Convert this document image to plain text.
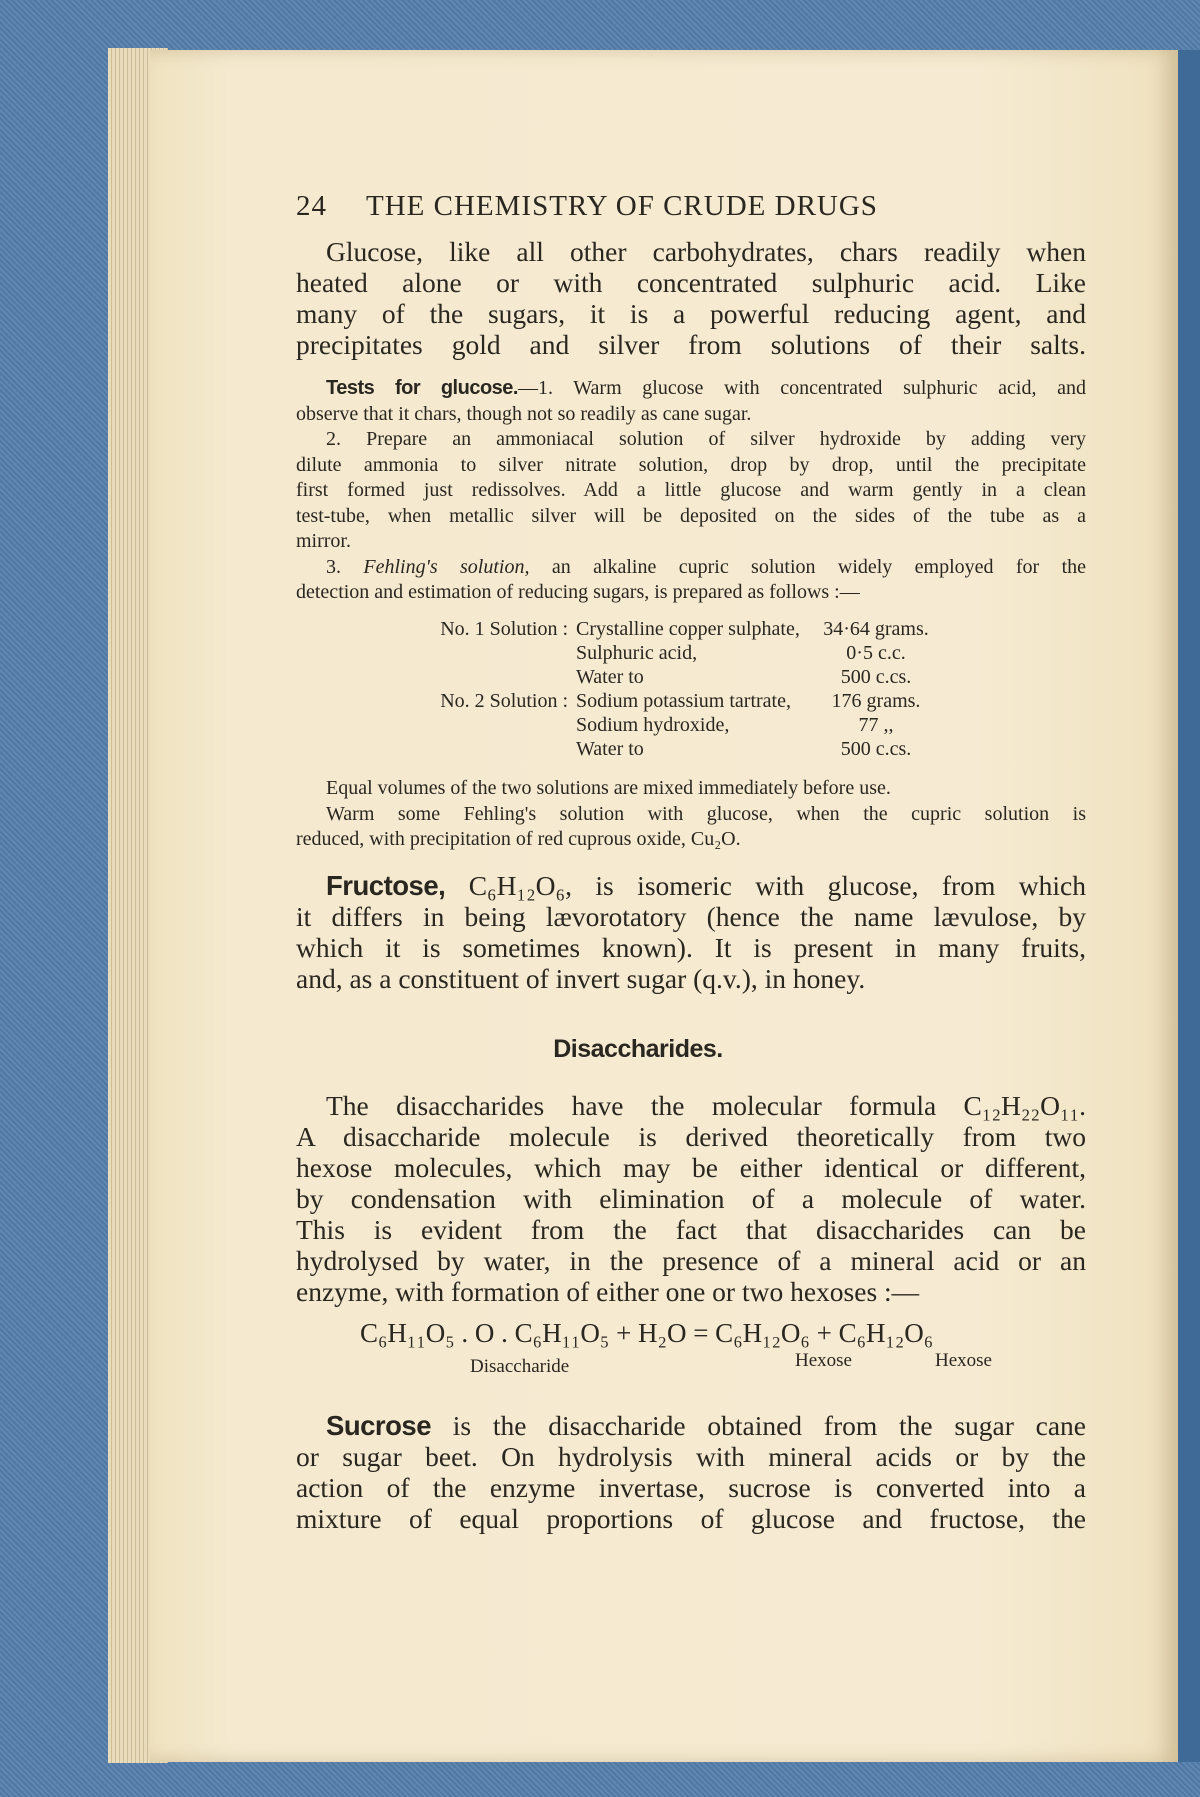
24 THE CHEMISTRY OF CRUDE DRUGS
Glucose, like all other carbohydrates, chars readily when
heated alone or with concentrated sulphuric acid. Like
many of the sugars, it is a powerful reducing agent, and
precipitates gold and silver from solutions of their salts.
Tests for glucose.—1. Warm glucose with concentrated sulphuric acid, and
observe that it chars, though not so readily as cane sugar.
2. Prepare an ammoniacal solution of silver hydroxide by adding very
dilute ammonia to silver nitrate solution, drop by drop, until the precipitate
first formed just redissolves. Add a little glucose and warm gently in a clean
test-tube, when metallic silver will be deposited on the sides of the tube as a
mirror.
3. Fehling's solution, an alkaline cupric solution widely employed for the
detection and estimation of reducing sugars, is prepared as follows :—
No. 1 Solution : Crystalline copper sulphate,	34·64 grams.
Sulphuric acid,	0·5 c.c.
Water to	500 c.cs.
No. 2 Solution : Sodium potassium tartrate,	176 grams.
Sodium hydroxide,	77 ,,
Water to	500 c.cs.
Equal volumes of the two solutions are mixed immediately before use.
Warm some Fehling's solution with glucose, when the cupric solution is
reduced, with precipitation of red cuprous oxide, Cu₂O.
Fructose, C₆H₁₂O₆, is isomeric with glucose, from which
it differs in being lævorotatory (hence the name lævulose, by
which it is sometimes known). It is present in many fruits,
and, as a constituent of invert sugar (q.v.), in honey.
Disaccharides.
The disaccharides have the molecular formula C₁₂H₂₂O₁₁.
A disaccharide molecule is derived theoretically from two
hexose molecules, which may be either identical or different,
by condensation with elimination of a molecule of water.
This is evident from the fact that disaccharides can be
hydrolysed by water, in the presence of a mineral acid or an
enzyme, with formation of either one or two hexoses :—
C₆H₁₁O₅ . O . C₆H₁₁O₅ + H₂O = C₆H₁₂O₆ + C₆H₁₂O₆
Disaccharide	Hexose	Hexose
Sucrose is the disaccharide obtained from the sugar cane
or sugar beet. On hydrolysis with mineral acids or by the
action of the enzyme invertase, sucrose is converted into a
mixture of equal proportions of glucose and fructose, the
